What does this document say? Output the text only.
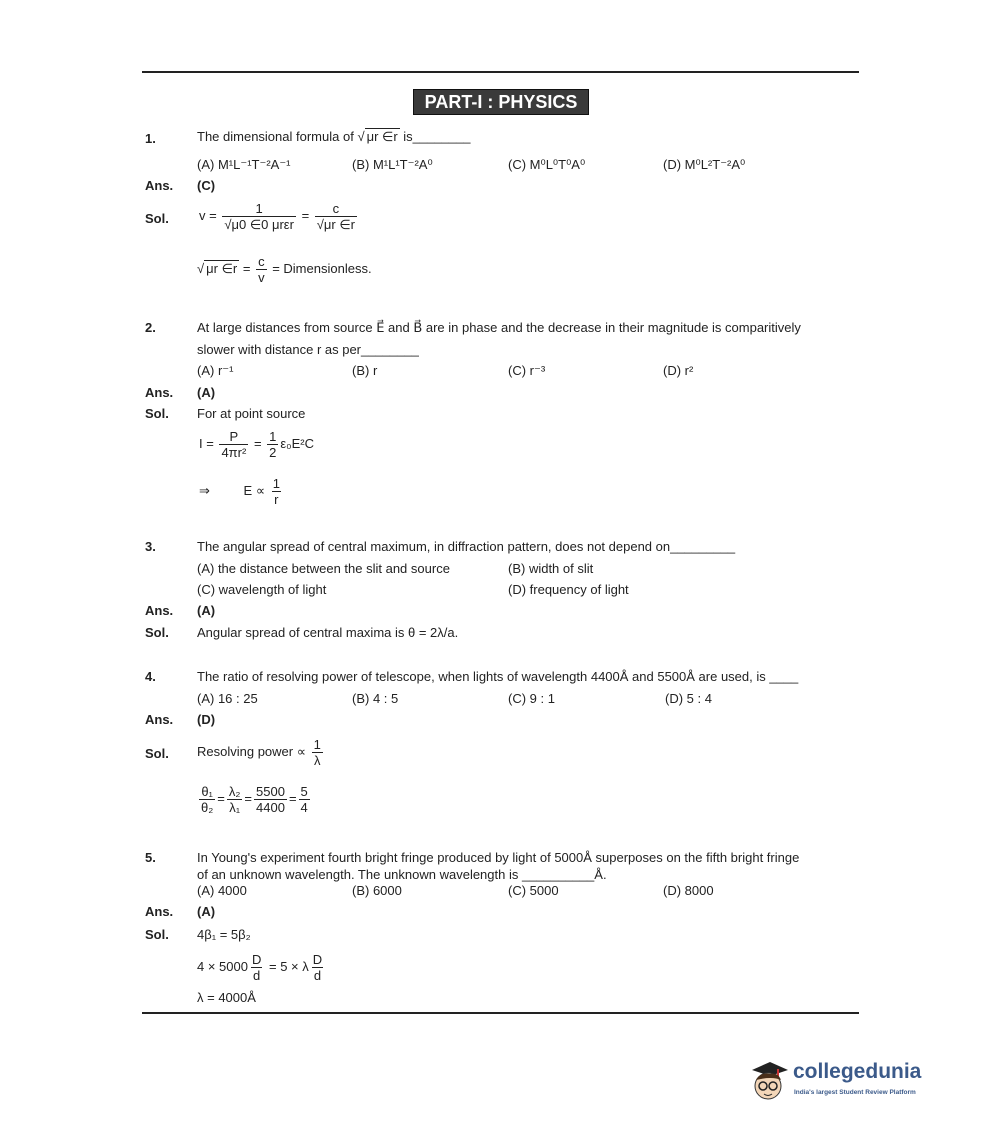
PART-I : PHYSICS
1.	The dimensional formula of √ μr ∈r is________
(A) M¹L⁻¹T⁻²A⁻¹	(B) M¹L¹T⁻²A⁰	(C) M⁰L⁰T⁰A⁰	(D) M⁰L²T⁻²A⁰
Ans. (C)
Sol. $v = \frac{1}{\text{√μ0 ∈0 μrεr}} = \frac{c}{√\mu r \in r}$
√ μr ∈r = $\frac{c}{v}$ = Dimensionless.
2.	At large distances from source E⃗ and B⃗ are in phase and the decrease in their magnitude is comparitively
slower with distance r as per________
(A) r⁻¹	(B) r	(C) r⁻³	(D) r²
Ans. (A)
Sol. For at point source
$I = \frac{P}{\text{4πr²}} = \frac{1}{2} \varepsilon_0E^2C$
⇒	$E \propto \frac{1}{r}$
3.	The angular spread of central maximum, in diffraction pattern, does not depend on_________
(A) the distance between the slit and source	(B) width of slit
(C) wavelength of light	(D) frequency of light
Ans. (A)
Sol. Angular spread of central maxima is θ = 2λ/a.
4.	The ratio of resolving power of telescope, when lights of wavelength 4400Å and 5500Å are used, is ____
(A) 16 : 25	(B) 4 : 5	(C) 9 : 1	(D) 5 : 4
Ans. (D)
Sol. Resolving power ∝ $\frac{1}{\lambda}$
$\frac{\text{θ₁}}{\text{θ₂}} = \frac{\text{λ₂}}{\text{λ₁}} = \frac{5500}{4400} = \frac{5}{4}$
5.	In Young's experiment fourth bright fringe produced by light of 5000Å superposes on the fifth bright fringe
of an unknown wavelength. The unknown wavelength is __________Å.
(A) 4000	(B) 6000	(C) 5000	(D) 8000
Ans. (A)
Sol. 4β₁ = 5β₂
$4 \times 5000 \frac{D}{d} = 5 \times \lambda \frac{D}{d}$
λ = 4000Å
collegedunia
India's largest Student Review Platform
